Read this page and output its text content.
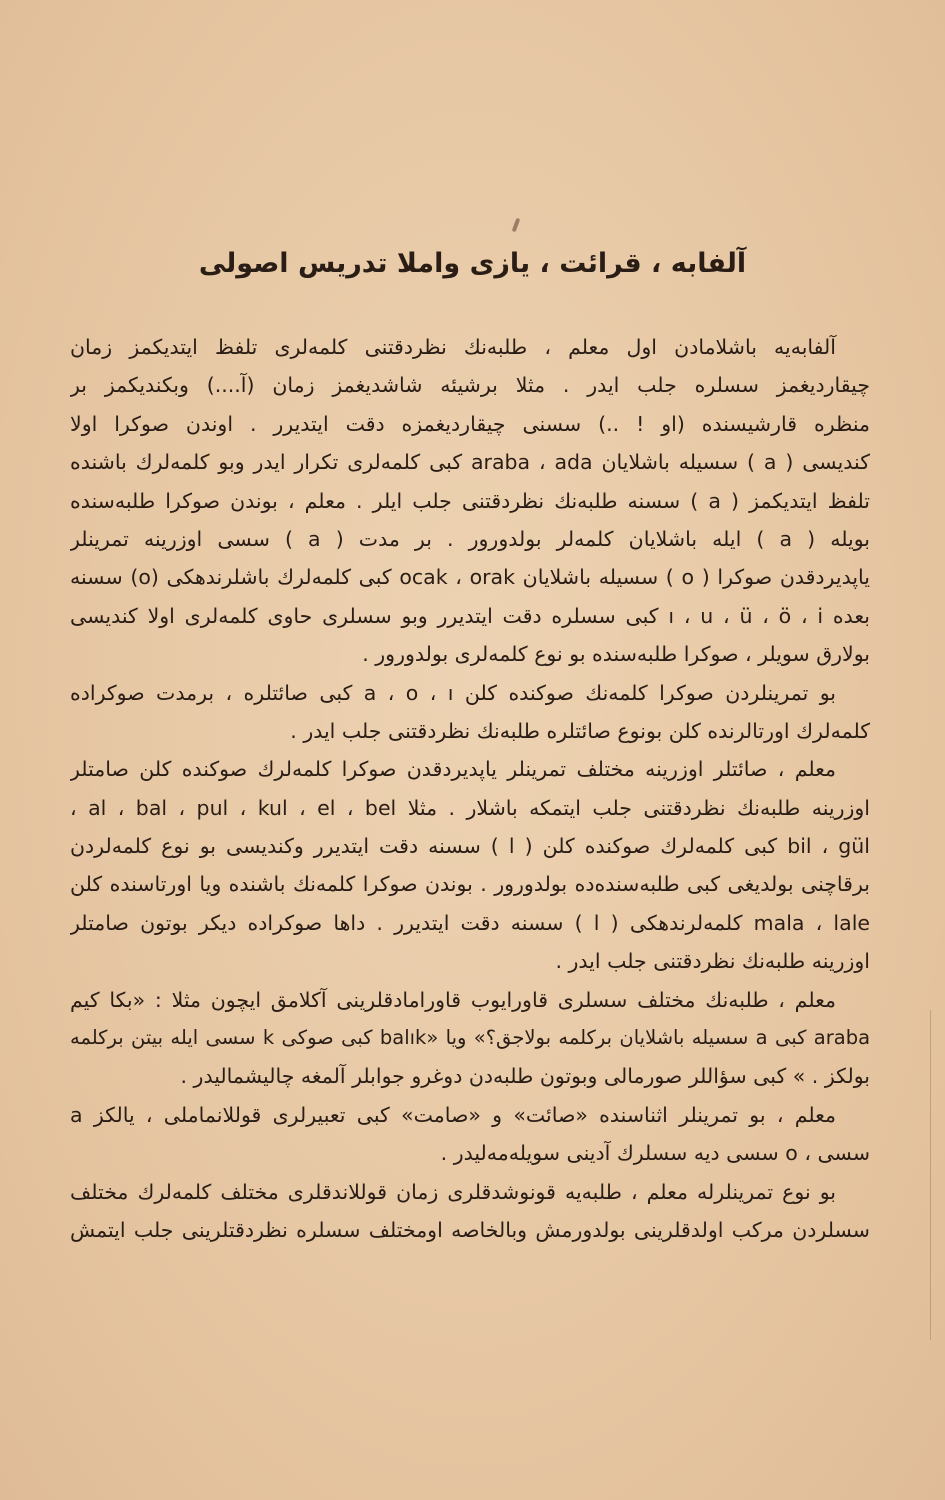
آلفابه ، قرائت ، يازى واملا تدريس اصولى
آلفابه‌يه باشلامادن اول معلم ، طلبه‌نك نظردقتنى كلمه‌لرى تلفظ ايتديكمز زمان
چيقارديغمز سسلره جلب ايدر . مثلا برشيئه شاشديغمز زمان (آ....) وبكنديكمز بر
منظره قارشيسنده (او ! ..) سسنى چيقارديغمزه دقت ايتديرر . اوندن صوكرا اولا
كنديسى ( a ) سسيله باشلايان araba ، ada كبى كلمه‌لرى تكرار ايدر وبو كلمه‌لرك باشنده
تلفظ ايتديكمز ( a ) سسنه طلبه‌نك نظردقتنى جلب ايلر . معلم ، بوندن صوكرا طلبه‌سنده
بويله ( a ) ايله باشلايان كلمه‌لر بولدورور . بر مدت ( a ) سسى اوزرينه تمرينلر
ياپديردقدن صوكرا ( o ) سسيله باشلايان ocak ، orak كبى كلمه‌لرك باشلرندهكى (o) سسنه
بعده ı ، u ، ü ، ö ، i كبى سسلره دقت ايتديرر وبو سسلرى حاوى كلمه‌لرى اولا كنديسى
بولارق سويلر ، صوكرا طلبه‌سنده بو نوع كلمه‌لرى بولدورور .
بو تمرينلردن صوكرا كلمه‌نك صوكنده كلن a ، o ، ı كبى صائتلره ، برمدت صوكراده
كلمه‌لرك اورتالرنده كلن بونوع صائتلره طلبه‌نك نظردقتنى جلب ايدر .
معلم ، صائتلر اوزرينه مختلف تمرينلر ياپديردقدن صوكرا كلمه‌لرك صوكنده كلن صامتلر
اوزرينه طلبه‌نك نظردقتنى جلب ايتمكه باشلار . مثلا al ، bal ، pul ، kul ، el ، bel ،
bil ، gül كبى كلمه‌لرك صوكنده كلن ( l ) سسنه دقت ايتديرر وكنديسى بو نوع كلمه‌لردن
برقاچنى بولديغى كبى طلبه‌سنده‌ده بولدورور . بوندن صوكرا كلمه‌نك باشنده ويا اورتاسنده كلن
mala ، lale كلمه‌لرندهكى ( l ) سسنه دقت ايتديرر . داها صوكراده ديكر بوتون صامتلر
اوزرينه طلبه‌نك نظردقتنى جلب ايدر .
معلم ، طلبه‌نك مختلف سسلرى قاورايوب قاورامادقلرينى آكلامق ايچون مثلا : «بكا كيم
araba كبى a سسيله باشلايان بركلمه بولاجق؟» ويا «balık كبى صوكى k سسى ايله بيتن بركلمه
بولكز . » كبى سؤاللر صورمالى وبوتون طلبه‌دن دوغرو جوابلر آلمغه چاليشماليدر .
معلم ، بو تمرينلر اثناسنده «صائت» و «صامت» كبى تعبيرلرى قوللانماملى ، يالكز a
سسى ، o سسى ديه سسلرك آدينى سويله‌مه‌ليدر .
بو نوع تمرينلرله معلم ، طلبه‌يه قونوشدقلرى زمان قوللاندقلرى مختلف كلمه‌لرك مختلف
سسلردن مركب اولدقلرينى بولدورمش وبالخاصه اومختلف سسلره نظردقتلرينى جلب ايتمش
